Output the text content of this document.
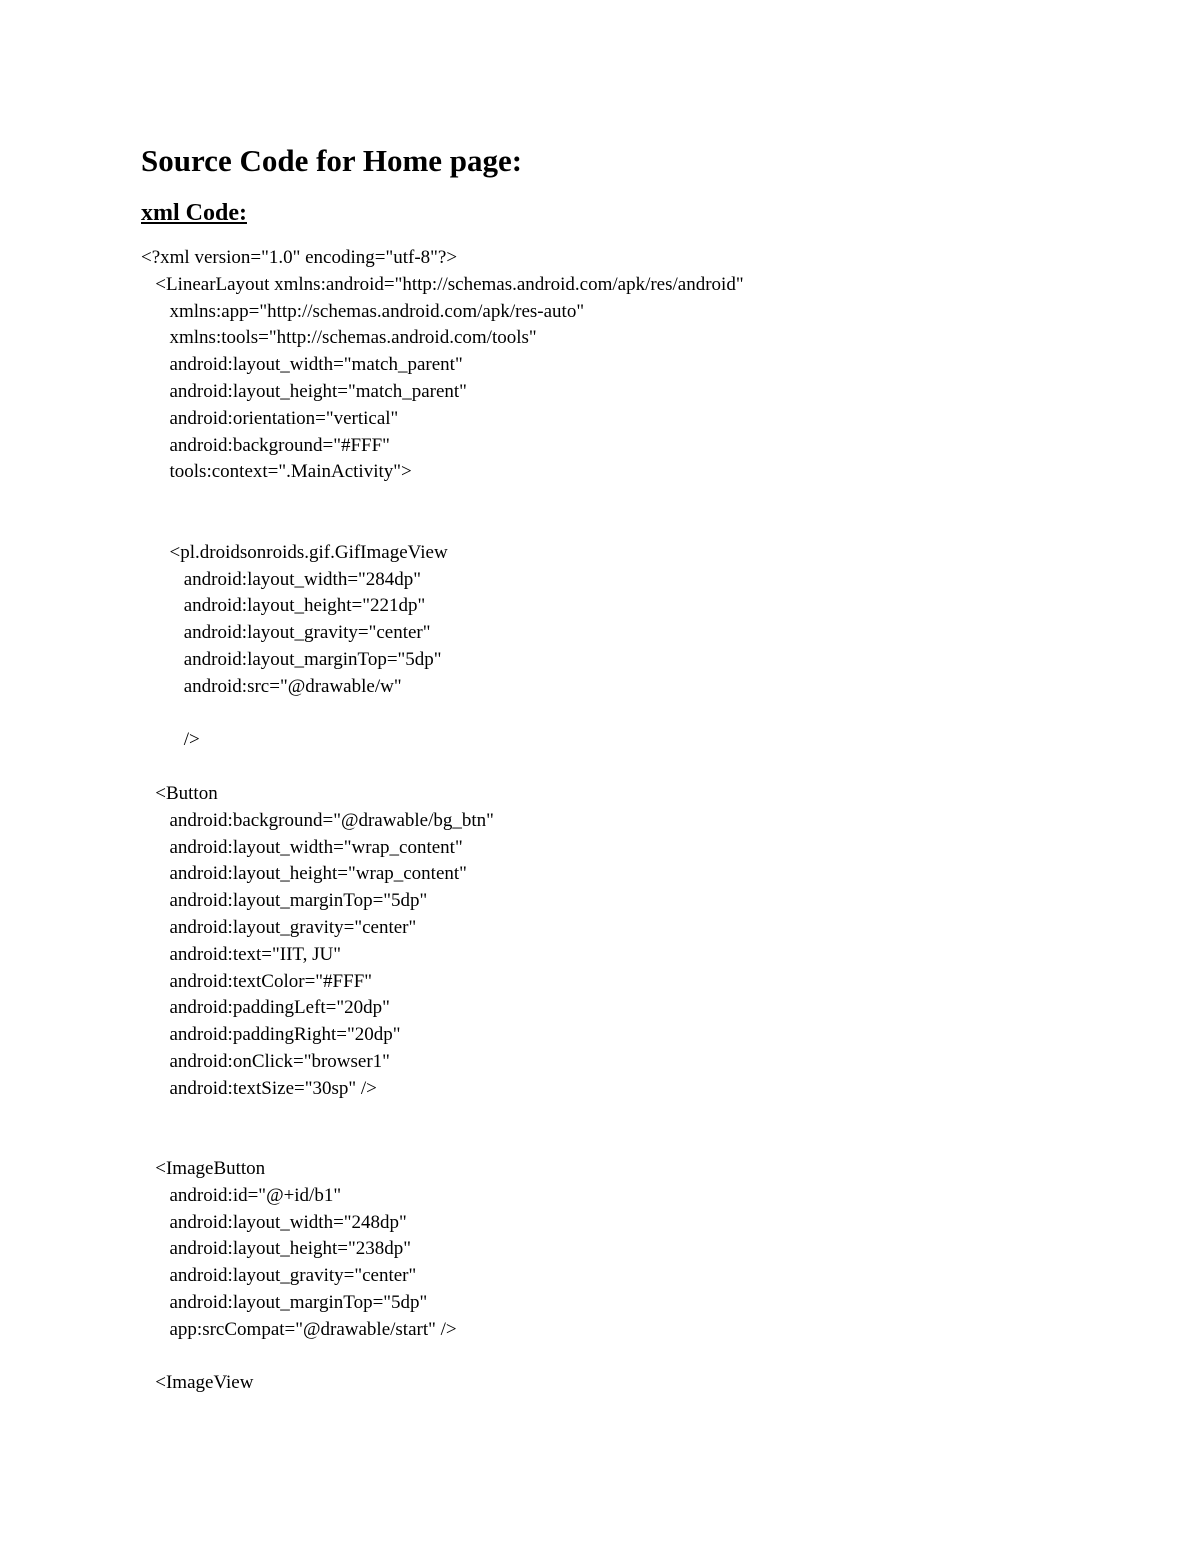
Source Code for Home page:
xml Code:
<?xml version="1.0" encoding="utf-8"?>
<LinearLayout xmlns:android="http://schemas.android.com/apk/res/android"
xmlns:app="http://schemas.android.com/apk/res-auto"
xmlns:tools="http://schemas.android.com/tools"
android:layout_width="match_parent"
android:layout_height="match_parent"
android:orientation="vertical"
android:background="#FFF"
tools:context=".MainActivity">
<pl.droidsonroids.gif.GifImageView
android:layout_width="284dp"
android:layout_height="221dp"
android:layout_gravity="center"
android:layout_marginTop="5dp"
android:src="@drawable/w"
/>
<Button
android:background="@drawable/bg_btn"
android:layout_width="wrap_content"
android:layout_height="wrap_content"
android:layout_marginTop="5dp"
android:layout_gravity="center"
android:text="IIT, JU"
android:textColor="#FFF"
android:paddingLeft="20dp"
android:paddingRight="20dp"
android:onClick="browser1"
android:textSize="30sp" />
<ImageButton
android:id="@+id/b1"
android:layout_width="248dp"
android:layout_height="238dp"
android:layout_gravity="center"
android:layout_marginTop="5dp"
app:srcCompat="@drawable/start" />
<ImageView
